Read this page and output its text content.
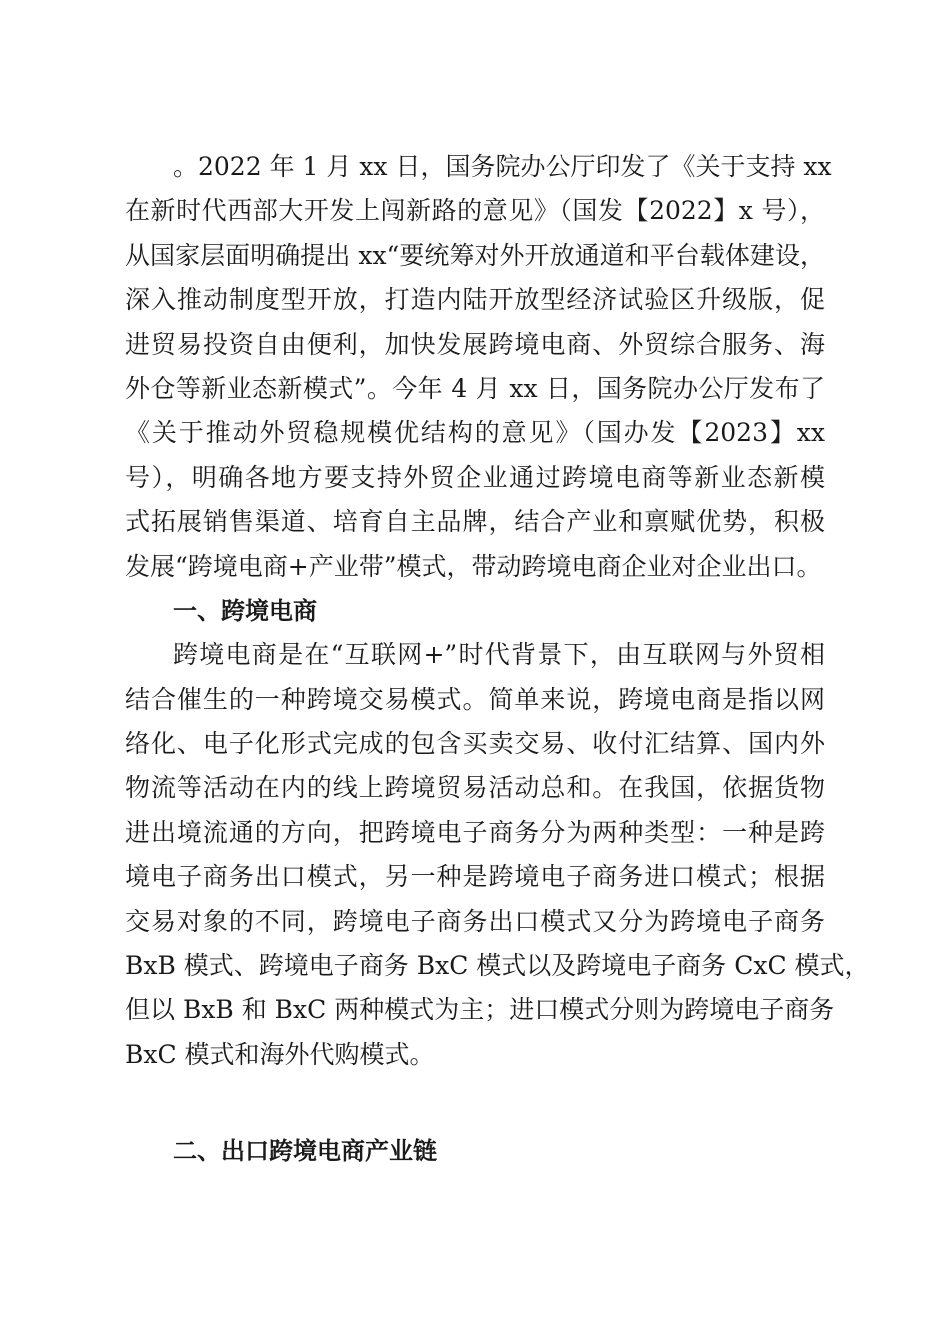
。2022 年 1 月 xx 日，国务院办公厅印发了《关于支持 xx
在新时代西部大开发上闯新路的意见》（国发【2022】x 号），
从国家层面明确提出 xx“要统筹对外开放通道和平台载体建设，
深入推动制度型开放，打造内陆开放型经济试验区升级版，促
进贸易投资自由便利，加快发展跨境电商、外贸综合服务、海
外仓等新业态新模式”。今年 4 月 xx 日，国务院办公厅发布了
《关于推动外贸稳规模优结构的意见》（国办发【2023】xx
号），明确各地方要支持外贸企业通过跨境电商等新业态新模
式拓展销售渠道、培育自主品牌，结合产业和禀赋优势，积极
发展“跨境电商+产业带”模式，带动跨境电商企业对企业出口。
一、跨境电商
跨境电商是在“互联网+”时代背景下，由互联网与外贸相
结合催生的一种跨境交易模式。简单来说，跨境电商是指以网
络化、电子化形式完成的包含买卖交易、收付汇结算、国内外
物流等活动在内的线上跨境贸易活动总和。在我国，依据货物
进出境流通的方向，把跨境电子商务分为两种类型：一种是跨
境电子商务出口模式，另一种是跨境电子商务进口模式；根据
交易对象的不同，跨境电子商务出口模式又分为跨境电子商务
BxB 模式、跨境电子商务 BxC 模式以及跨境电子商务 CxC 模式，
但以 BxB 和 BxC 两种模式为主；进口模式分则为跨境电子商务
BxC 模式和海外代购模式。
二、出口跨境电商产业链
